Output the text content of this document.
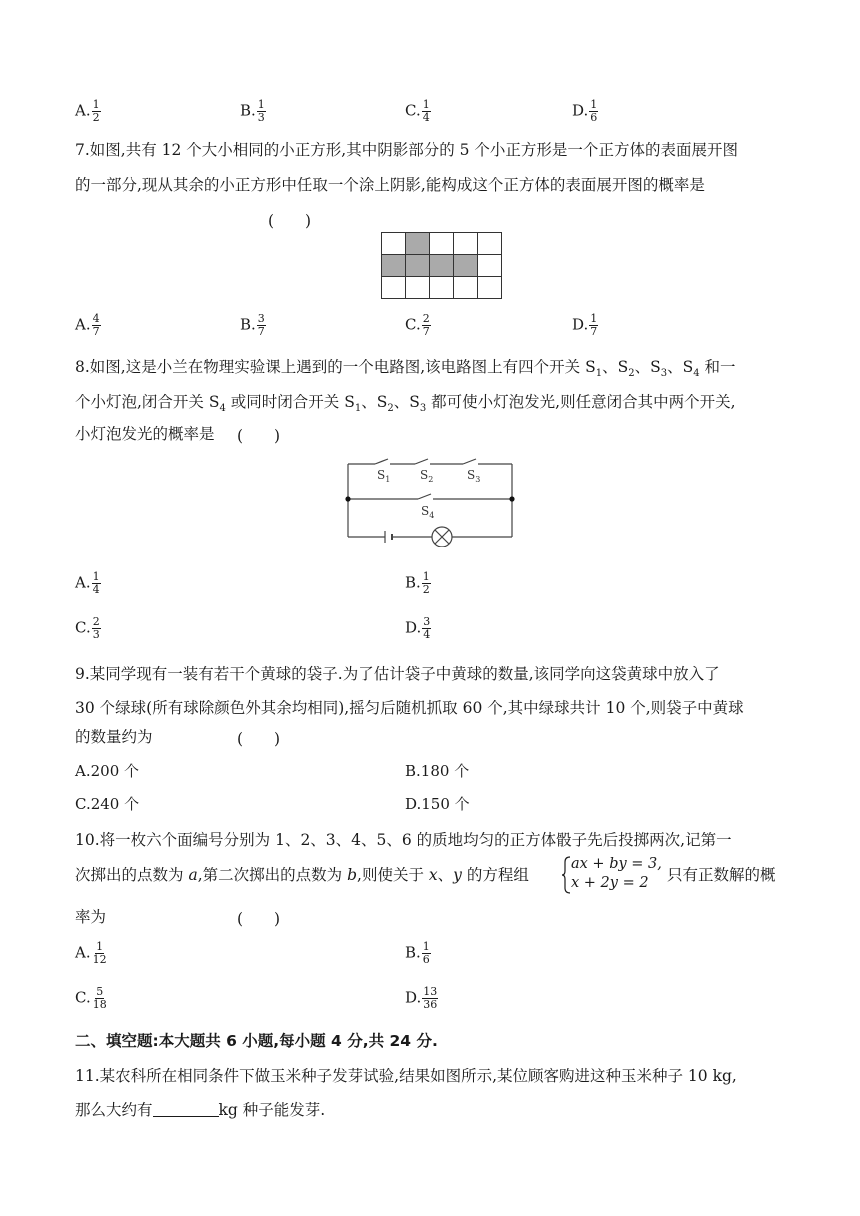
A. $\frac{1}{2}$	B. $\frac{1}{3}$	C. $\frac{1}{4}$	D. $\frac{1}{6}$
7.如图,共有 12 个大小相同的小正方形,其中阴影部分的 5 个小正方形是一个正方体的表面展开图
的一部分,现从其余的小正方形中任取一个涂上阴影,能构成这个正方体的表面展开图的概率是
(　　)
A. $\frac{4}{7}$	B. $\frac{3}{7}$	C. $\frac{2}{7}$	D. $\frac{1}{7}$
8.如图,这是小兰在物理实验课上遇到的一个电路图,该电路图上有四个开关 $S_1$、$S_2$、$S_3$、$S_4$ 和一
个小灯泡,闭合开关 $S_4$ 或同时闭合开关 $S_1$、$S_2$、$S_3$ 都可使小灯泡发光,则任意闭合其中两个开关,
小灯泡发光的概率是 (　　)
$S_1$ $S_2$	$S_3$
$S_4$
A. $\frac{1}{4}$	B. $\frac{1}{2}$
C. $\frac{2}{3}$	D. $\frac{3}{4}$
9.某同学现有一装有若干个黄球的袋子.为了估计袋子中黄球的数量,该同学向这袋黄球中放入了
30 个绿球(所有球除颜色外其余均相同),摇匀后随机抓取 60 个,其中绿球共计 10 个,则袋子中黄球
的数量约为	(　　)
A.200 个	B.180 个
C.240 个	D.150 个
10.将一枚六个面编号分别为 1、2、3、4、5、6 的质地均匀的正方体骰子先后投掷两次,记第一
次掷出的点数为 a,第二次掷出的点数为 b,则使关于 x、y 的方程组
ax + by = 3,
x + 2y = 2 只有正数解的概
率为	(　　)
A. $\frac{1}{12}$	B. $\frac{1}{6}$
C. $\frac{5}{18}$	D. $\frac{13}{36}$
二、填空题:本大题共 6 小题,每小题 4 分,共 24 分.
11.某农科所在相同条件下做玉米种子发芽试验,结果如图所示,某位顾客购进这种玉米种子 10 kg,
那么大约有	kg 种子能发芽.
